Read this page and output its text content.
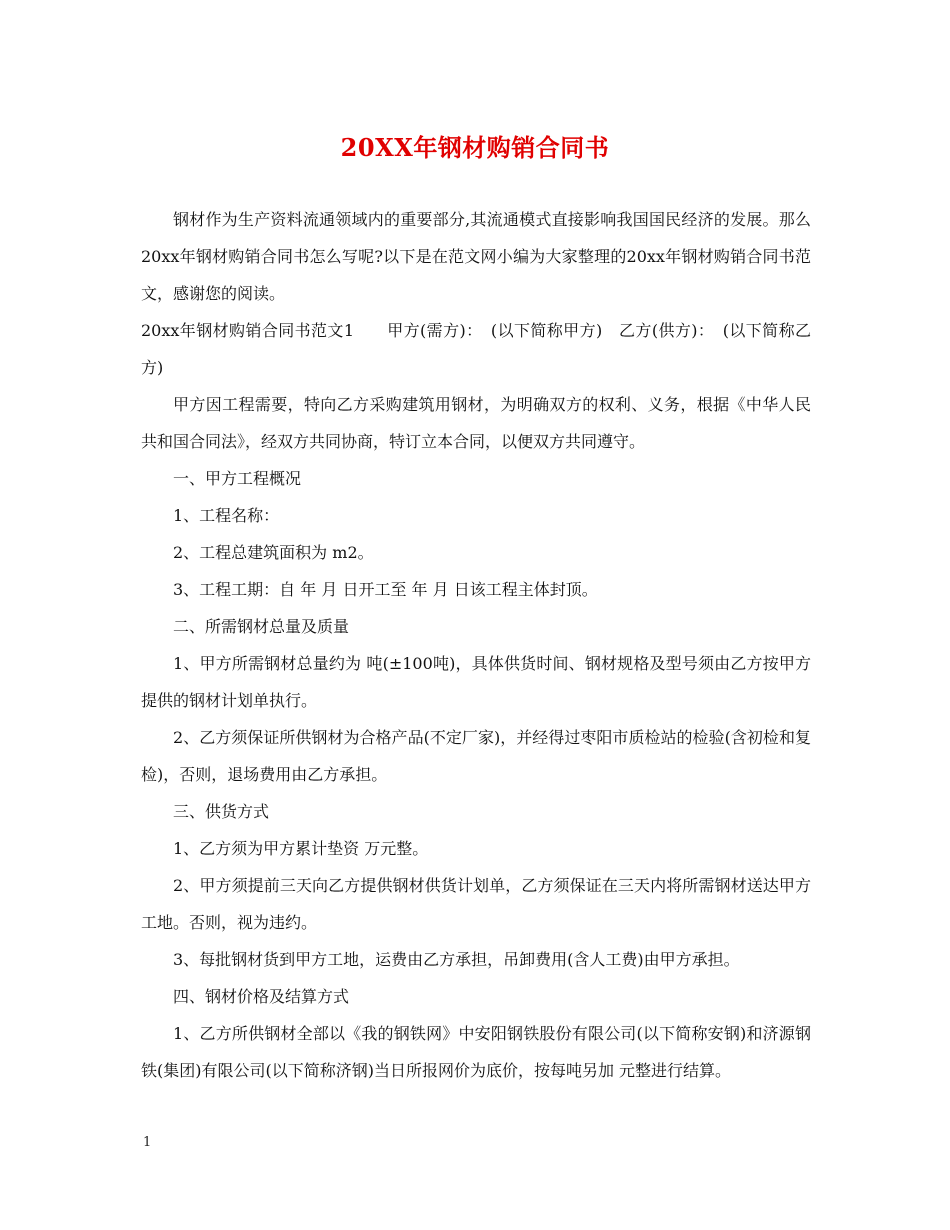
20XX年钢材购销合同书

钢材作为生产资料流通领域内的重要部分,其流通模式直接影响我国国民经济的发展。那么20xx年钢材购销合同书怎么写呢?以下是在范文网小编为大家整理的20xx年钢材购销合同书范文，感谢您的阅读。

20xx年钢材购销合同书范文1　　甲方(需方)：　(以下简称甲方)　乙方(供方)：　(以下简称乙方)

甲方因工程需要，特向乙方采购建筑用钢材，为明确双方的权利、义务，根据《中华人民共和国合同法》，经双方共同协商，特订立本合同，以便双方共同遵守。

一、甲方工程概况

1、工程名称：

2、工程总建筑面积为 m2。

3、工程工期：自 年 月 日开工至 年 月 日该工程主体封顶。

二、所需钢材总量及质量

1、甲方所需钢材总量约为 吨(±100吨)，具体供货时间、钢材规格及型号须由乙方按甲方提供的钢材计划单执行。

2、乙方须保证所供钢材为合格产品(不定厂家)，并经得过枣阳市质检站的检验(含初检和复检)，否则，退场费用由乙方承担。

三、供货方式

1、乙方须为甲方累计垫资 万元整。

2、甲方须提前三天向乙方提供钢材供货计划单，乙方须保证在三天内将所需钢材送达甲方工地。否则，视为违约。

3、每批钢材货到甲方工地，运费由乙方承担，吊卸费用(含人工费)由甲方承担。

四、钢材价格及结算方式

1、乙方所供钢材全部以《我的钢铁网》中安阳钢铁股份有限公司(以下简称安钢)和济源钢铁(集团)有限公司(以下简称济钢)当日所报网价为底价，按每吨另加 元整进行结算。

1
